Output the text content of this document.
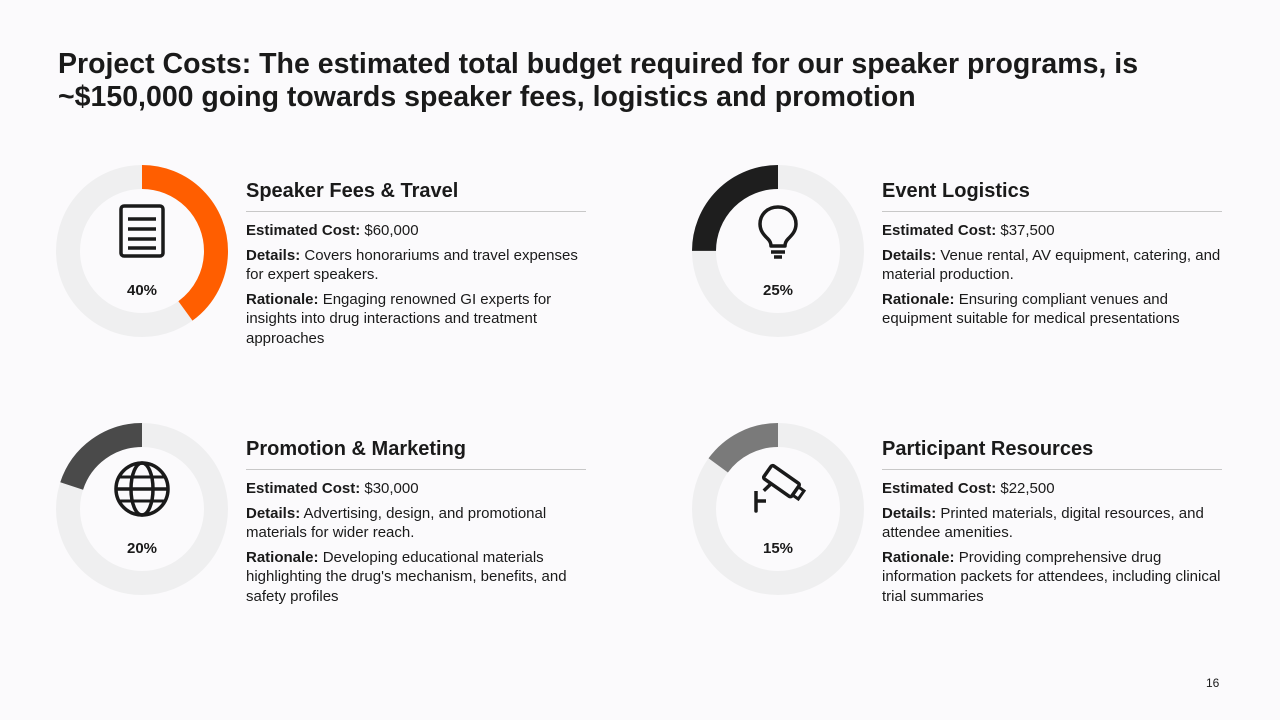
Project Costs: The estimated total budget required for our speaker programs, is ~$150,000 going towards speaker fees, logistics and promotion
40%
Speaker Fees & Travel

Estimated Cost: $60,000

Details: Covers honorariums and travel expenses for expert speakers.

Rationale: Engaging renowned GI experts for insights into drug interactions and treatment approaches

25%
Event Logistics

Estimated Cost: $37,500

Details: Venue rental, AV equipment, catering, and material production.

Rationale: Ensuring compliant venues and equipment suitable for medical presentations

20%
Promotion & Marketing

Estimated Cost: $30,000

Details: Advertising, design, and promotional materials for wider reach.

Rationale: Developing educational materials highlighting the drug's mechanism, benefits, and safety profiles

15%
Participant Resources

Estimated Cost: $22,500

Details: Printed materials, digital resources, and attendee amenities.

Rationale: Providing comprehensive drug information packets for attendees, including clinical trial summaries

16
